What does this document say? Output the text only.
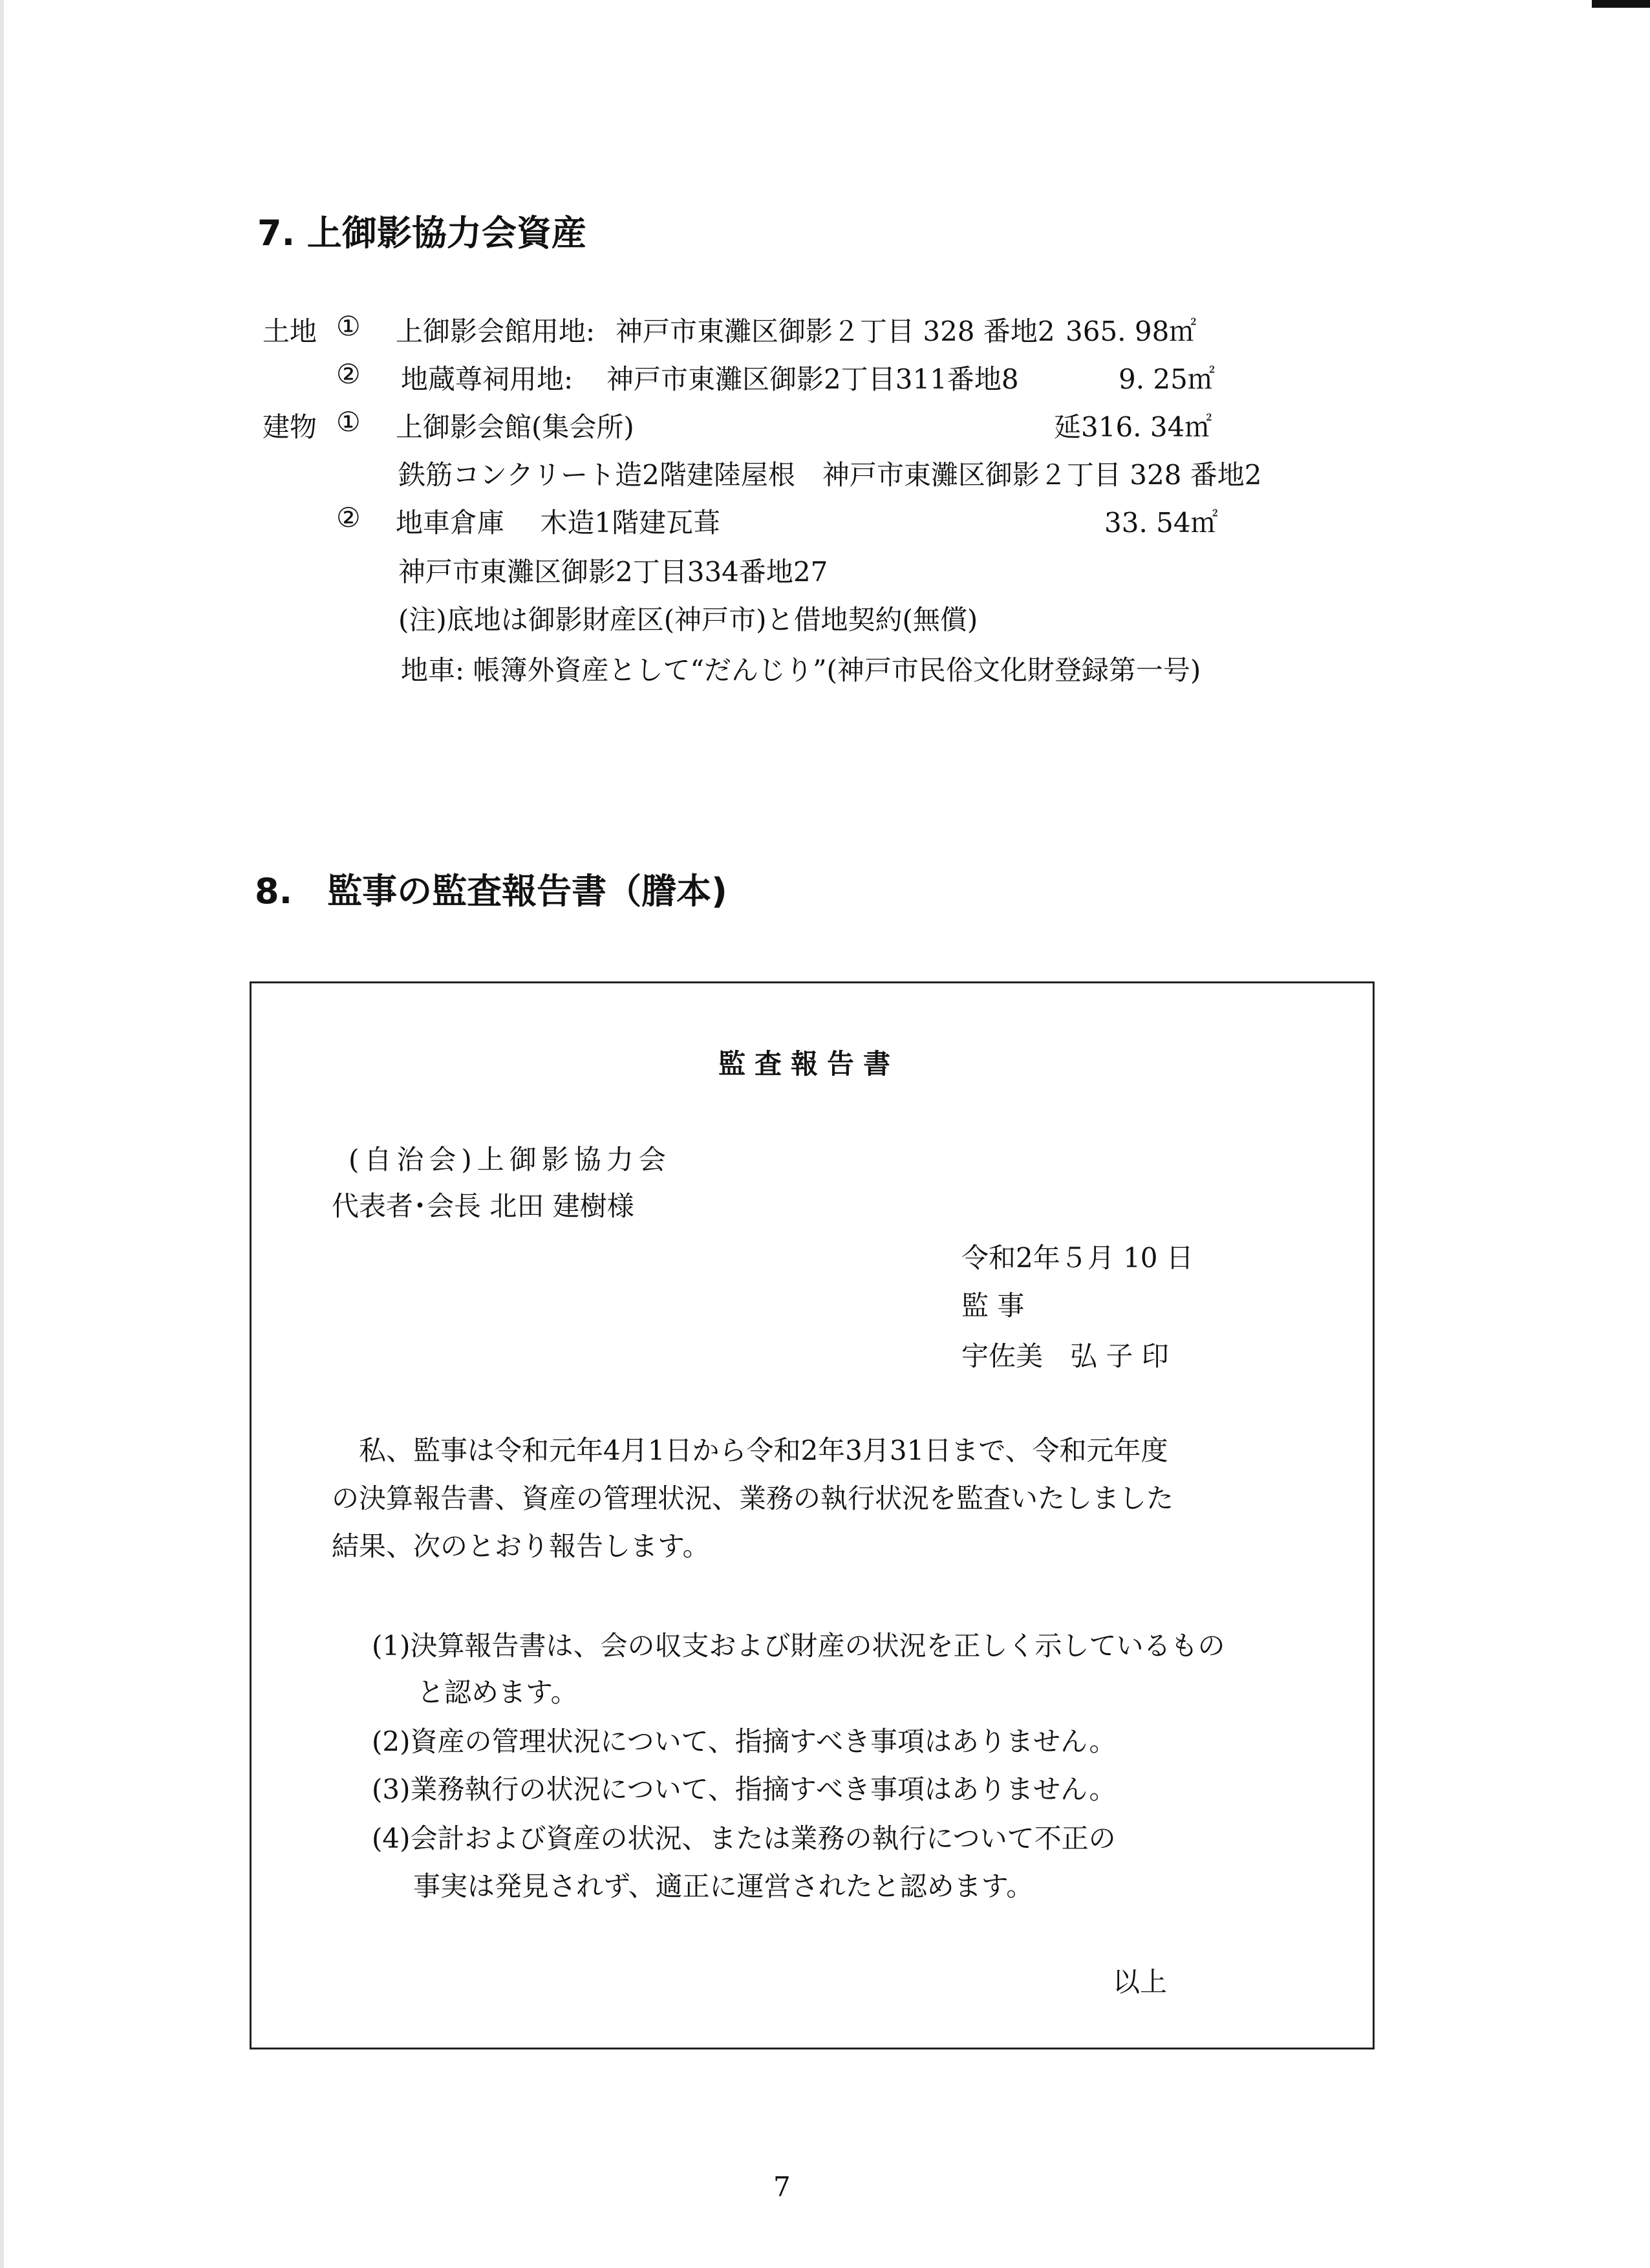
7. 上御影協力会資産
土地 ① 上御影会館用地: 神戸市東灘区御影２丁目 328 番地2 365. 98㎡
② 地蔵尊祠用地: 神戸市東灘区御影2丁目311番地8	9. 25㎡
建物 ① 上御影会館(集会所)	延316. 34㎡
鉄筋コンクリート造2階建陸屋根　神戸市東灘区御影２丁目 328 番地2
② 地車倉庫　 木造1階建瓦葺	33. 54㎡
神戸市東灘区御影2丁目334番地27
(注)底地は御影財産区(神戸市)と借地契約(無償)
地車: 帳簿外資産として“だんじり”(神戸市民俗文化財登録第一号)
8.　監事の監査報告書（謄本)
監査報告書
(自治会)上御影協力会
代表者･会長 北田 建樹様
令和2年５月 10 日
監 事
宇佐美　弘 子 印
私、監事は令和元年4月1日から令和2年3月31日まで、令和元年度
の決算報告書、資産の管理状況、業務の執行状況を監査いたしました
結果、次のとおり報告します。
(1)決算報告書は、会の収支および財産の状況を正しく示しているもの
と認めます。
(2)資産の管理状況について、指摘すべき事項はありません。
(3)業務執行の状況について、指摘すべき事項はありません。
(4)会計および資産の状況、または業務の執行について不正の
事実は発見されず、適正に運営されたと認めます。
以上
7
